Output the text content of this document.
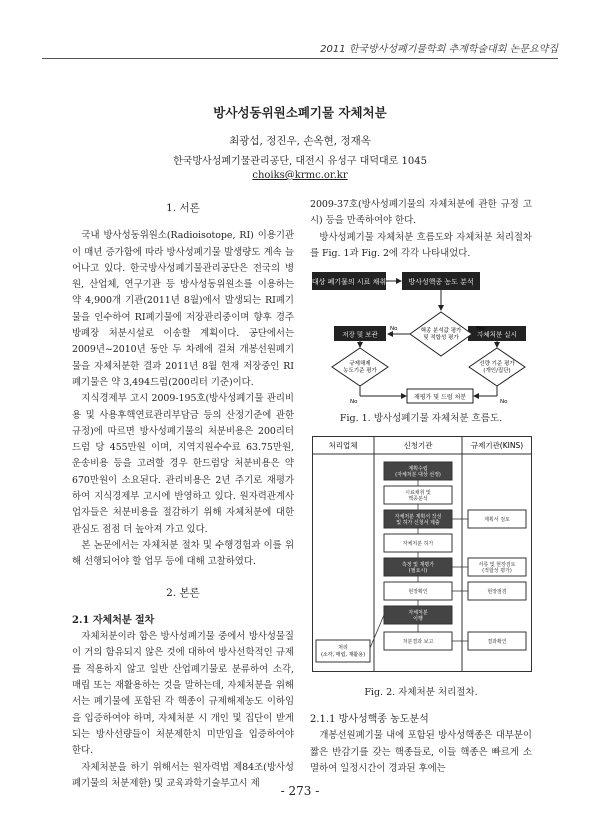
2011 한국방사성폐기물학회 추계학술대회 논문요약집
방사성동위원소폐기물 자체처분
최광섭, 정진우, 손옥현, 정재옥
한국방사성폐기물관리공단, 대전시 유성구 대덕대로 1045
choiks@krmc.or.kr
1. 서론

국내 방사성동위원소(Radioisotope, RI) 이용기관이 매년 증가함에 따라 방사성폐기물 발생량도 계속 늘어나고 있다. 한국방사성폐기물관리공단은 전국의 병원, 산업체, 연구기관 등 방사성동위원소를 이용하는 약 4,900개 기관(2011년 8월)에서 발생되는 RI폐기물을 인수하여 RI폐기물에 저장관리중이며 향후 경주 방폐장 처분시설로 이송할 계획이다. 공단에서는 2009년~2010년 동안 두 차례에 걸쳐 개봉선원폐기물을 자체처분한 결과 2011년 8월 현재 저장중인 RI폐기물은 약 3,494드럼(200리터 기준)이다.

지식경제부 고시 2009-195호(방사성폐기물 관리비용 및 사용후핵연료관리부담금 등의 산정기준에 관한 규정)에 따르면 방사성폐기물의 처분비용은 200리터 드럼 당 455만원 이며, 지역지원수수료 63.75만원, 운송비용 등을 고려할 경우 한드럼당 처분비용은 약 670만원이 소요된다. 관리비용은 2년 주기로 재평가하여 지식경제부 고시에 반영하고 있다. 원자력관계사업자들은 처분비용을 절감하기 위해 자체처분에 대한 관심도 점점 더 높아져 가고 있다.

본 논문에서는 자체처분 절차 및 수행경험과 이를 위해 선행되어야 할 업무 등에 대해 고찰하였다.

2. 본론
2.1 자체처분 절차

자체처분이라 함은 방사성폐기물 중에서 방사성물질이 거의 함유되지 않은 것에 대하여 방사선학적인 규제를 적용하지 않고 일반 산업폐기물로 분류하여 소각, 매립 또는 재활용하는 것을 말하는데, 자체처분을 위해서는 폐기물에 포함된 각 핵종이 규제해제농도 이하임을 입증하여야 하며, 자체처분 시 개인 및 집단이 받게 되는 방사선량들이 처분제한치 미만임을 입증하여야 한다.

자체처분을 하기 위해서는 원자력법 제84조(방사성폐기물의 처분제한) 및 교육과학기술부고시 제

2009-37호(방사성폐기물의 자체처분에 관한 규정 고시) 등을 만족하여야 한다.

방사성폐기물 자체처분 흐름도와 자체처분 처리절차를 Fig. 1과 Fig. 2에 각각 나타내었다.

대상 폐기물의 시료 채취	방사성핵종 농도 분석
저장 및 보관	자체처분 실시
규제해제
농도기준 평가
핵종 분석값 평가
및 적합성 평가
선량 기준 평가
(개인/집단)
Yes
No
No	No
재평가 및 드럼 처분
Fig. 1. 방사성폐기물 자체처분 흐름도.
처리업체	신청기관	규제기관(KINS)
계획수립
(자체처분 대상 선정)
시료채취 및
핵종분석
자체처분 계획서 작성
및 허가 신청서 제출
자체처분 허가
측정 및 재평가
(필요시)
현장확인
자체처분
이행
처분결과 보고
계획서 검토
서류 및 현장검토
(적합성 평가)
현장점검
결과확인
처리 (소각, 매립, 재활용)
Fig. 2. 자체처분 처리절차.
2.1.1 방사성핵종 농도분석

개봉선원폐기물 내에 포함된 방사성핵종은 대부분이 짧은 반감기를 갖는 핵종들로, 이들 핵종은 빠르게 소멸하여 일정시간이 경과된 후에는

- 273 -
